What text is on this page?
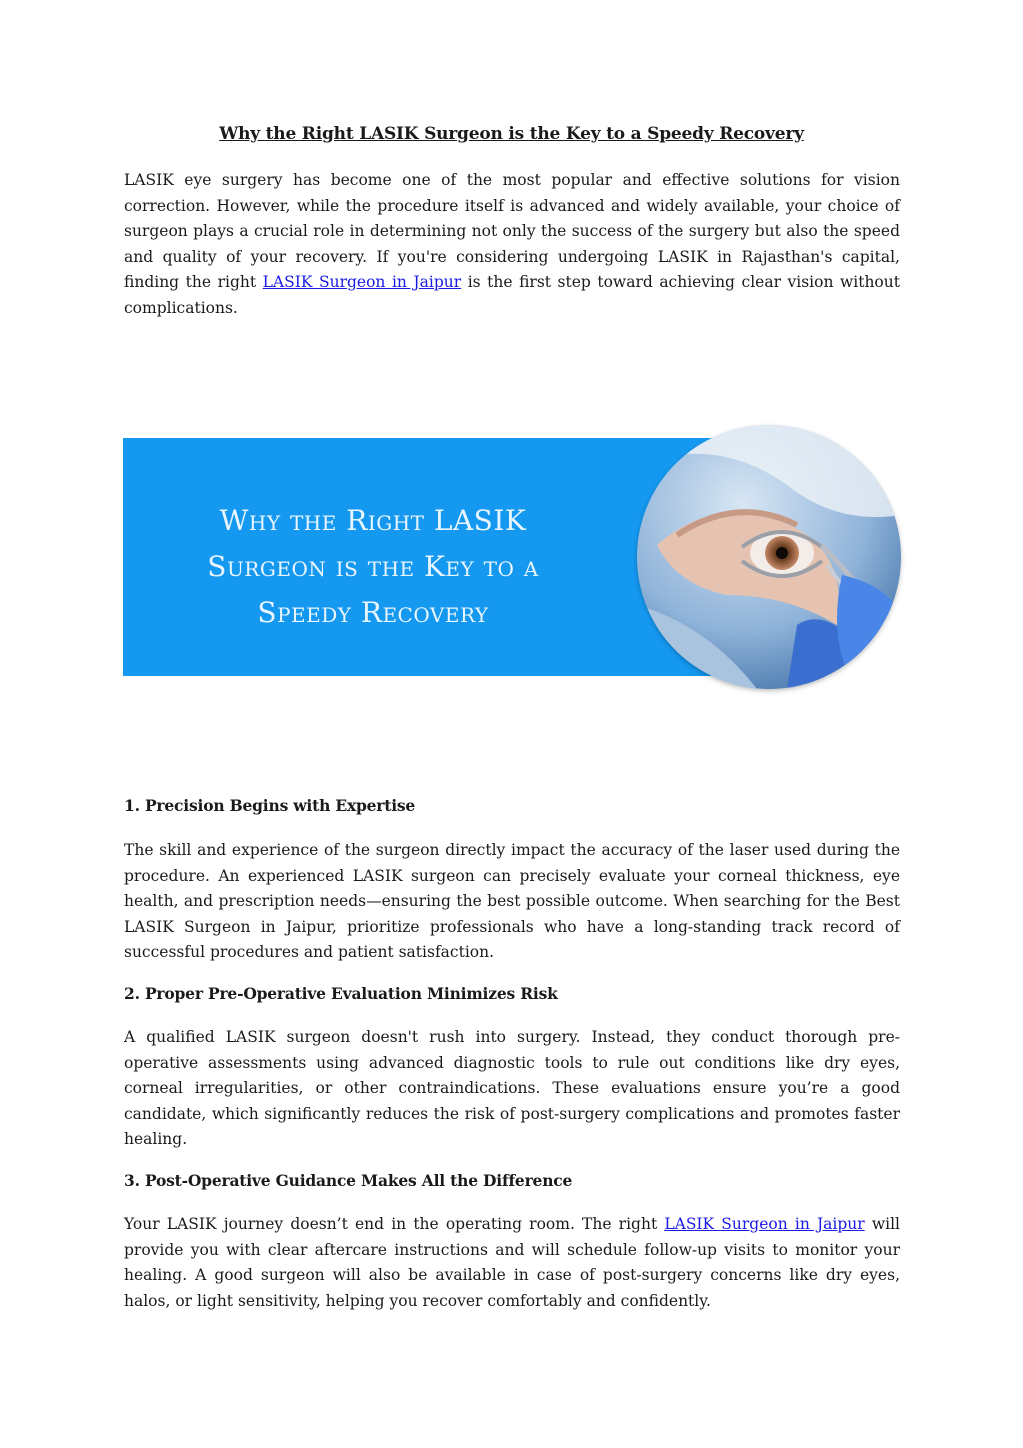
Why the Right LASIK Surgeon is the Key to a Speedy Recovery

LASIK eye surgery has become one of the most popular and effective solutions for vision correction. However, while the procedure itself is advanced and widely available, your choice of surgeon plays a crucial role in determining not only the success of the surgery but also the speed and quality of your recovery. If you're considering undergoing LASIK in Rajasthan's capital, finding the right LASIK Surgeon in Jaipur is the first step toward achieving clear vision without complications.

Why the Right LASIK
Surgeon is the Key to a
Speedy Recovery
1. Precision Begins with Expertise

The skill and experience of the surgeon directly impact the accuracy of the laser used during the procedure. An experienced LASIK surgeon can precisely evaluate your corneal thickness, eye health, and prescription needs—ensuring the best possible outcome. When searching for the Best LASIK Surgeon in Jaipur, prioritize professionals who have a long-standing track record of successful procedures and patient satisfaction.

2. Proper Pre-Operative Evaluation Minimizes Risk

A qualified LASIK surgeon doesn't rush into surgery. Instead, they conduct thorough pre-operative assessments using advanced diagnostic tools to rule out conditions like dry eyes, corneal irregularities, or other contraindications. These evaluations ensure you’re a good candidate, which significantly reduces the risk of post-surgery complications and promotes faster healing.

3. Post-Operative Guidance Makes All the Difference

Your LASIK journey doesn’t end in the operating room. The right LASIK Surgeon in Jaipur will provide you with clear aftercare instructions and will schedule follow-up visits to monitor your healing. A good surgeon will also be available in case of post-surgery concerns like dry eyes, halos, or light sensitivity, helping you recover comfortably and confidently.
